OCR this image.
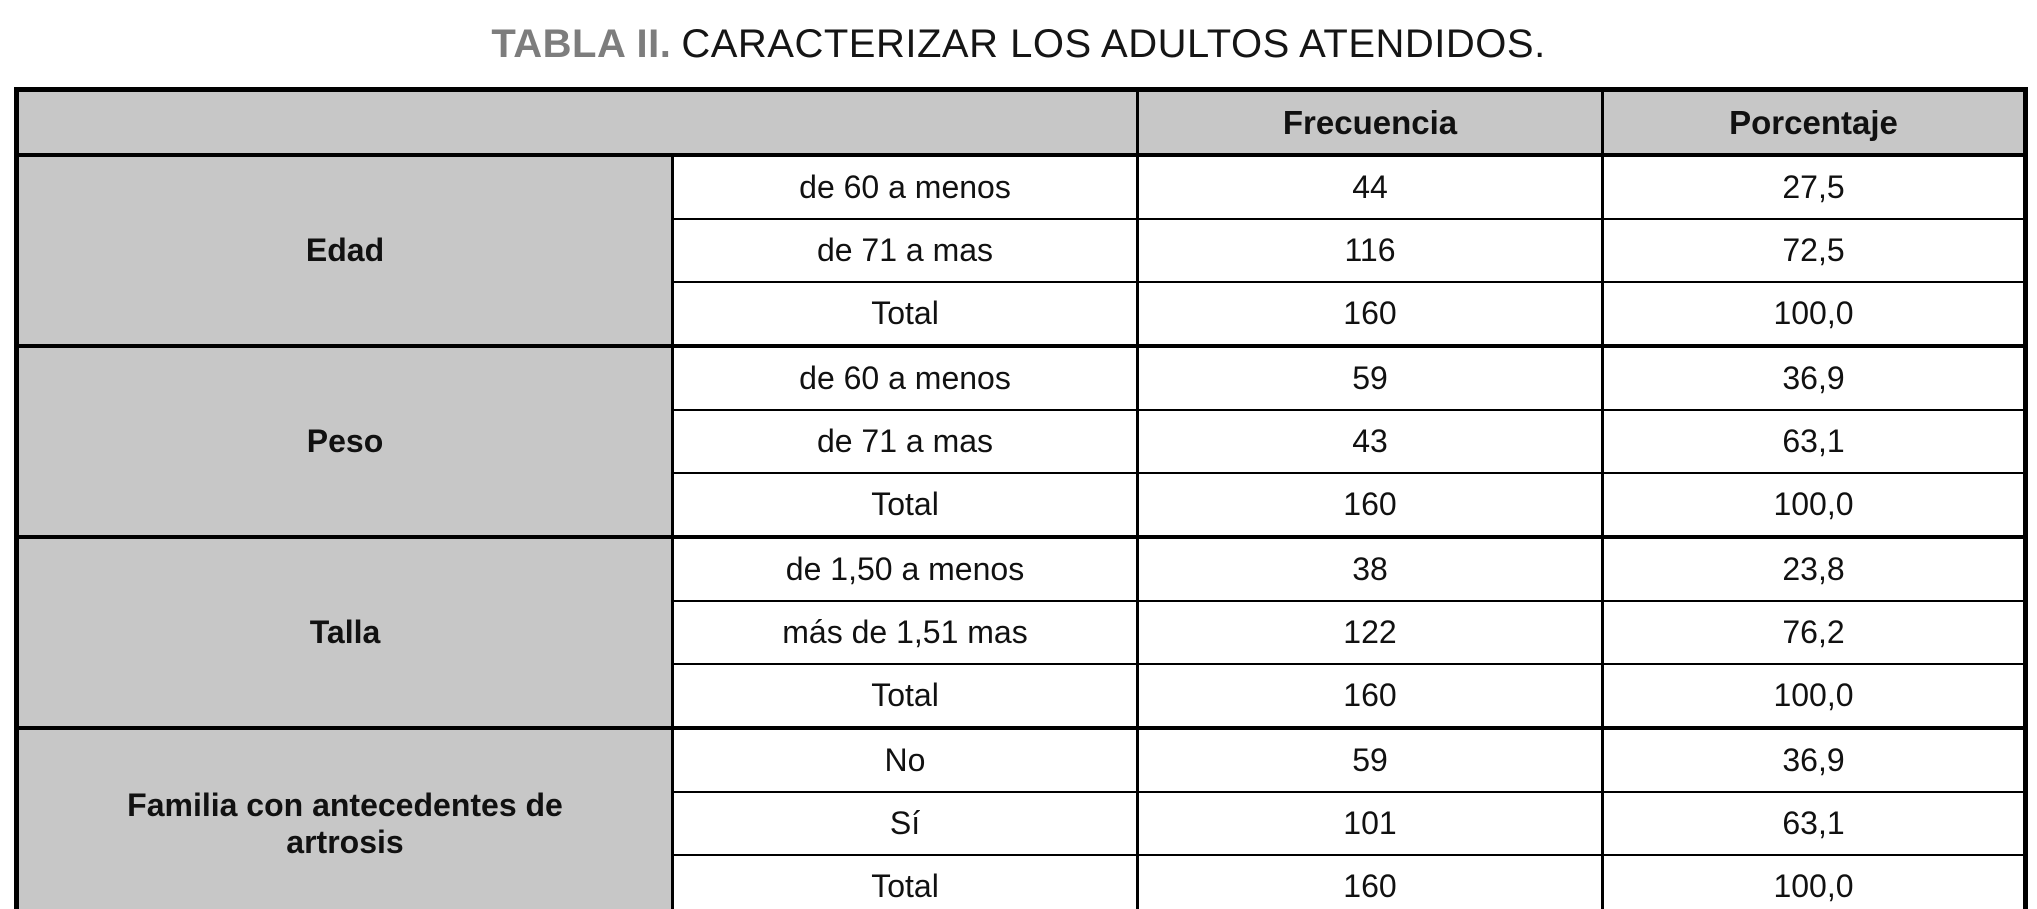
TABLA II. CARACTERIZAR LOS ADULTOS ATENDIDOS.
		Frecuencia	Porcentaje
Edad	de 60 a menos	44	27,5
	de 71 a mas	116	72,5
	Total	160	100,0
Peso	de 60 a menos	59	36,9
	de 71 a mas	43	63,1
	Total	160	100,0
Talla	de 1,50 a menos	38	23,8
	más de 1,51 mas	122	76,2
	Total	160	100,0
Familia con antecedentes de artrosis	No	59	36,9
	Sí	101	63,1
	Total	160	100,0
